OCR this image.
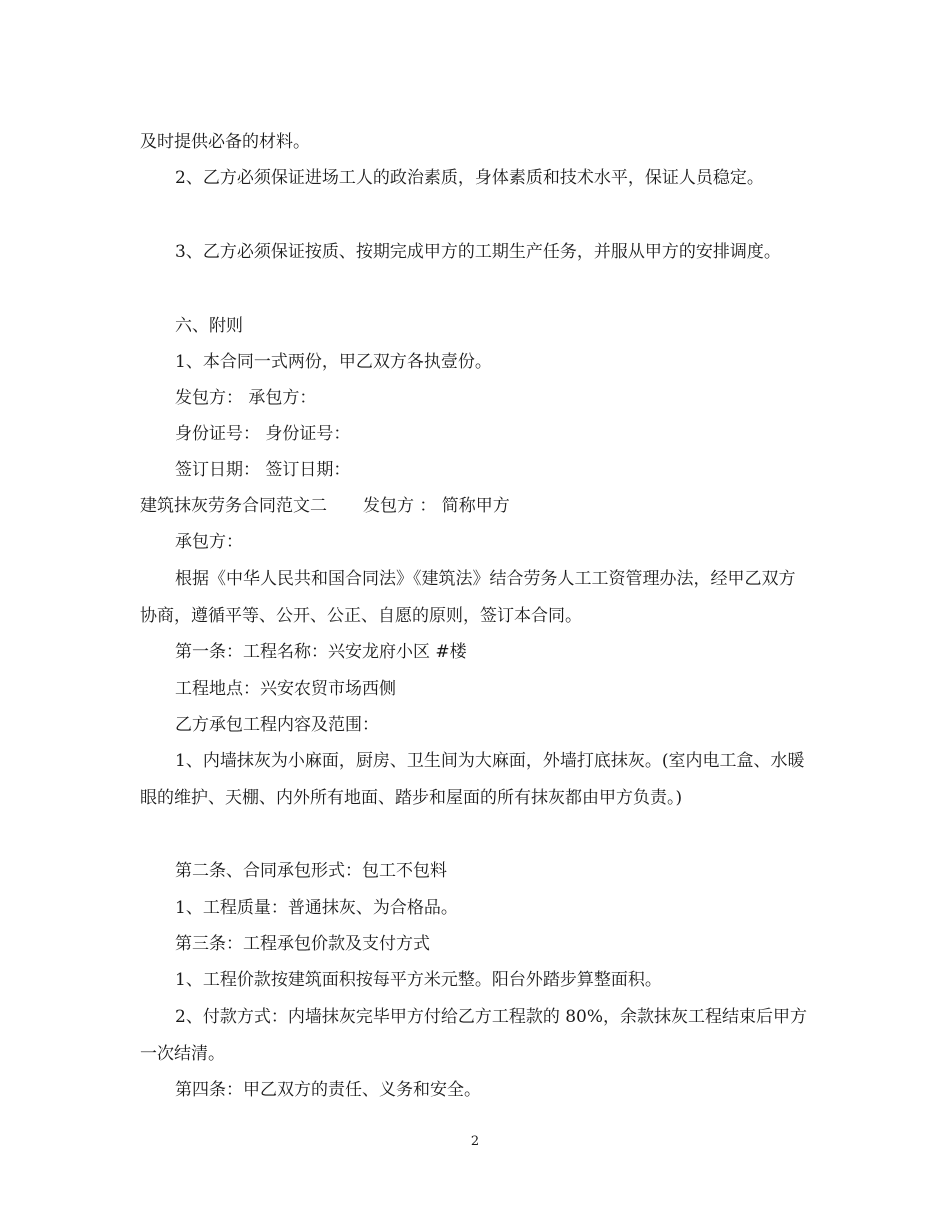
及时提供必备的材料。

2、乙方必须保证进场工人的政治素质，身体素质和技术水平，保证人员稳定。

3、乙方必须保证按质、按期完成甲方的工期生产任务，并服从甲方的安排调度。

六、附则

1、本合同一式两份，甲乙双方各执壹份。

发包方： 承包方：

身份证号： 身份证号：

签订日期： 签订日期：

建筑抹灰劳务合同范文二 发包方 ： 简称甲方

承包方：

根据《中华人民共和国合同法》《建筑法》结合劳务人工工资管理办法，经甲乙双方协商，遵循平等、公开、公正、自愿的原则，签订本合同。

第一条：工程名称：兴安龙府小区 #楼

工程地点：兴安农贸市场西侧

乙方承包工程内容及范围：

1、内墙抹灰为小麻面，厨房、卫生间为大麻面，外墙打底抹灰。(室内电工盒、水暖眼的维护、天棚、内外所有地面、踏步和屋面的所有抹灰都由甲方负责。)

第二条、合同承包形式：包工不包料

1、工程质量：普通抹灰、为合格品。

第三条：工程承包价款及支付方式

1、工程价款按建筑面积按每平方米元整。阳台外踏步算整面积。

2、付款方式：内墙抹灰完毕甲方付给乙方工程款的 80%，余款抹灰工程结束后甲方一次结清。

第四条：甲乙双方的责任、义务和安全。

2
